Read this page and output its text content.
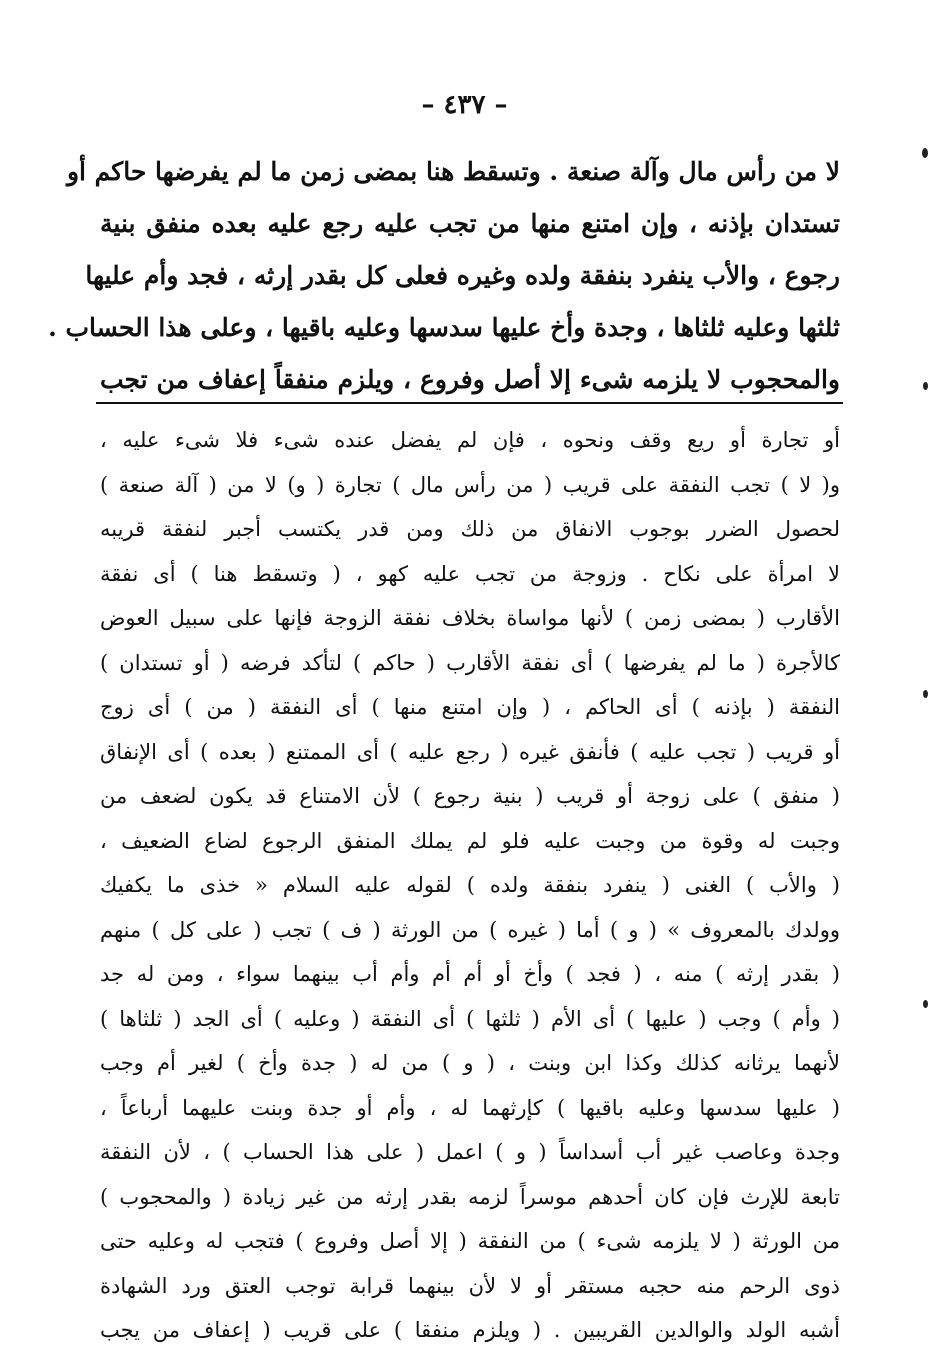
– ٤٣٧ –
لا من رأس مال وآلة صنعة . وتسقط هنا بمضى زمن ما لم يفرضها حاكم أو
تستدان بإذنه ، وإن امتنع منها من تجب عليه رجع عليه بعده منفق بنية
رجوع ، والأب ينفرد بنفقة ولده وغيره فعلى كل بقدر إرثه ، فجد وأم عليها
ثلثها وعليه ثلثاها ، وجدة وأخ عليها سدسها وعليه باقيها ، وعلى هذا الحساب .
والمحجوب لا يلزمه شىء إلا أصل وفروع ، ويلزم منفقاً إعفاف من تجب
أو تجارة أو ريع وقف ونحوه ، فإن لم يفضل عنده شىء فلا شىء عليه ،
و( لا ) تجب النفقة على قريب ( من رأس مال ) تجارة ( و) لا من ( آلة صنعة )
لحصول الضرر بوجوب الانفاق من ذلك ومن قدر يكتسب أجبر لنفقة قريبه
لا امرأة على نكاح . وزوجة من تجب عليه كهو ، ( وتسقط هنا ) أى نفقة
الأقارب ( بمضى زمن ) لأنها مواساة بخلاف نفقة الزوجة فإنها على سبيل العوض
كالأجرة ( ما لم يفرضها ) أى نفقة الأقارب ( حاكم ) لتأكد فرضه ( أو تستدان )
النفقة ( بإذنه ) أى الحاكم ، ( وإن امتنع منها ) أى النفقة ( من ) أى زوج
أو قريب ( تجب عليه ) فأنفق غيره ( رجع عليه ) أى الممتنع ( بعده ) أى الإنفاق
( منفق ) على زوجة أو قريب ( بنية رجوع ) لأن الامتناع قد يكون لضعف من
وجبت له وقوة من وجبت عليه فلو لم يملك المنفق الرجوع لضاع الضعيف ،
( والأب ) الغنى ( ينفرد بنفقة ولده ) لقوله عليه السلام « خذى ما يكفيك
وولدك بالمعروف » ( و ) أما ( غيره ) من الورثة ( ف ) تجب ( على كل ) منهم
( بقدر إرثه ) منه ، ( فجد ) وأخ أو أم أم وأم أب بينهما سواء ، ومن له جد
( وأم ) وجب ( عليها ) أى الأم ( ثلثها ) أى النفقة ( وعليه ) أى الجد ( ثلثاها )
لأنهما يرثانه كذلك وكذا ابن وبنت ، ( و ) من له ( جدة وأخ ) لغير أم وجب
( عليها سدسها وعليه باقيها ) كإرثهما له ، وأم أو جدة وبنت عليهما أرباعاً ،
وجدة وعاصب غير أب أسداساً ( و ) اعمل ( على هذا الحساب ) ، لأن النفقة
تابعة للإرث فإن كان أحدهم موسراً لزمه بقدر إرثه من غير زيادة ( والمحجوب )
من الورثة ( لا يلزمه شىء ) من النفقة ( إلا أصل وفروع ) فتجب له وعليه حتى
ذوى الرحم منه حجبه مستقر أو لا لأن بينهما قرابة توجب العتق ورد الشهادة
أشبه الولد والوالدين القريبين . ( ويلزم منفقا ) على قريب ( إعفاف من يجب
